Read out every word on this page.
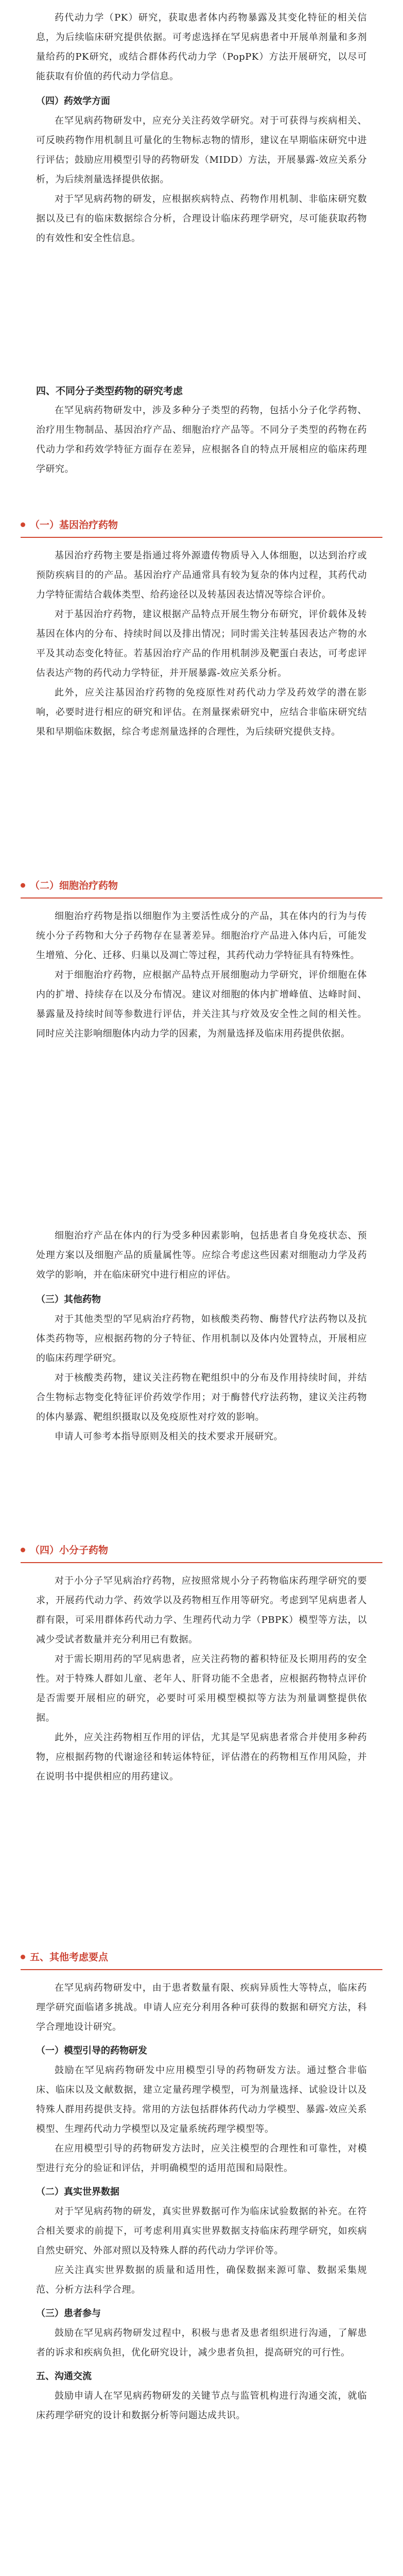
药代动力学（PK）研究，获取患者体内药物暴露及其变化特征的相关信息，为后续临床研究提供依据。可考虑选择在罕见病患者中开展单剂量和多剂量给药的PK研究，或结合群体药代动力学（PopPK）方法开展研究，以尽可能获取有价值的药代动力学信息。

（四）药效学方面

在罕见病药物研发中，应充分关注药效学研究。对于可获得与疾病相关、可反映药物作用机制且可量化的生物标志物的情形，建议在早期临床研究中进行评估；鼓励应用模型引导的药物研发（MIDD）方法，开展暴露-效应关系分析，为后续剂量选择提供依据。

对于罕见病药物的研发，应根据疾病特点、药物作用机制、非临床研究数据以及已有的临床数据综合分析，合理设计临床药理学研究，尽可能获取药物的有效性和安全性信息。

四、不同分子类型药物的研究考虑

在罕见病药物研发中，涉及多种分子类型的药物，包括小分子化学药物、治疗用生物制品、基因治疗产品、细胞治疗产品等。不同分子类型的药物在药代动力学和药效学特征方面存在差异，应根据各自的特点开展相应的临床药理学研究。

（一）基因治疗药物

基因治疗药物主要是指通过将外源遗传物质导入人体细胞，以达到治疗或预防疾病目的的产品。基因治疗产品通常具有较为复杂的体内过程，其药代动力学特征需结合载体类型、给药途径以及转基因表达情况等综合评价。

对于基因治疗药物，建议根据产品特点开展生物分布研究，评价载体及转基因在体内的分布、持续时间以及排出情况；同时需关注转基因表达产物的水平及其动态变化特征。若基因治疗产品的作用机制涉及靶蛋白表达，可考虑评估表达产物的药代动力学特征，并开展暴露-效应关系分析。

此外，应关注基因治疗药物的免疫原性对药代动力学及药效学的潜在影响，必要时进行相应的研究和评估。在剂量探索研究中，应结合非临床研究结果和早期临床数据，综合考虑剂量选择的合理性，为后续研究提供支持。

（二）细胞治疗药物

细胞治疗药物是指以细胞作为主要活性成分的产品，其在体内的行为与传统小分子药物和大分子药物存在显著差异。细胞治疗产品进入体内后，可能发生增殖、分化、迁移、归巢以及凋亡等过程，其药代动力学特征具有特殊性。

对于细胞治疗药物，应根据产品特点开展细胞动力学研究，评价细胞在体内的扩增、持续存在以及分布情况。建议对细胞的体内扩增峰值、达峰时间、暴露量及持续时间等参数进行评估，并关注其与疗效及安全性之间的相关性。同时应关注影响细胞体内动力学的因素，为剂量选择及临床用药提供依据。

细胞治疗产品在体内的行为受多种因素影响，包括患者自身免疫状态、预处理方案以及细胞产品的质量属性等。应综合考虑这些因素对细胞动力学及药效学的影响，并在临床研究中进行相应的评估。

（三）其他药物

对于其他类型的罕见病治疗药物，如核酸类药物、酶替代疗法药物以及抗体类药物等，应根据药物的分子特征、作用机制以及体内处置特点，开展相应的临床药理学研究。

对于核酸类药物，建议关注药物在靶组织中的分布及作用持续时间，并结合生物标志物变化特征评价药效学作用；对于酶替代疗法药物，建议关注药物的体内暴露、靶组织摄取以及免疫原性对疗效的影响。

申请人可参考本指导原则及相关的技术要求开展研究。

（四）小分子药物

对于小分子罕见病治疗药物，应按照常规小分子药物临床药理学研究的要求，开展药代动力学、药效学以及药物相互作用等研究。考虑到罕见病患者人群有限，可采用群体药代动力学、生理药代动力学（PBPK）模型等方法，以减少受试者数量并充分利用已有数据。

对于需长期用药的罕见病患者，应关注药物的蓄积特征及长期用药的安全性。对于特殊人群如儿童、老年人、肝肾功能不全患者，应根据药物特点评价是否需要开展相应的研究，必要时可采用模型模拟等方法为剂量调整提供依据。

此外，应关注药物相互作用的评估，尤其是罕见病患者常合并使用多种药物，应根据药物的代谢途径和转运体特征，评估潜在的药物相互作用风险，并在说明书中提供相应的用药建议。

五、其他考虑要点

在罕见病药物研发中，由于患者数量有限、疾病异质性大等特点，临床药理学研究面临诸多挑战。申请人应充分利用各种可获得的数据和研究方法，科学合理地设计研究。

（一）模型引导的药物研发

鼓励在罕见病药物研发中应用模型引导的药物研发方法。通过整合非临床、临床以及文献数据，建立定量药理学模型，可为剂量选择、试验设计以及特殊人群用药提供支持。常用的方法包括群体药代动力学模型、暴露-效应关系模型、生理药代动力学模型以及定量系统药理学模型等。

在应用模型引导的药物研发方法时，应关注模型的合理性和可靠性，对模型进行充分的验证和评估，并明确模型的适用范围和局限性。

（二）真实世界数据

对于罕见病药物的研发，真实世界数据可作为临床试验数据的补充。在符合相关要求的前提下，可考虑利用真实世界数据支持临床药理学研究，如疾病自然史研究、外部对照以及特殊人群的药代动力学评价等。

应关注真实世界数据的质量和适用性，确保数据来源可靠、数据采集规范、分析方法科学合理。

（三）患者参与

鼓励在罕见病药物研发过程中，积极与患者及患者组织进行沟通，了解患者的诉求和疾病负担，优化研究设计，减少患者负担，提高研究的可行性。

五、沟通交流

鼓励申请人在罕见病药物研发的关键节点与监管机构进行沟通交流，就临床药理学研究的设计和数据分析等问题达成共识。
